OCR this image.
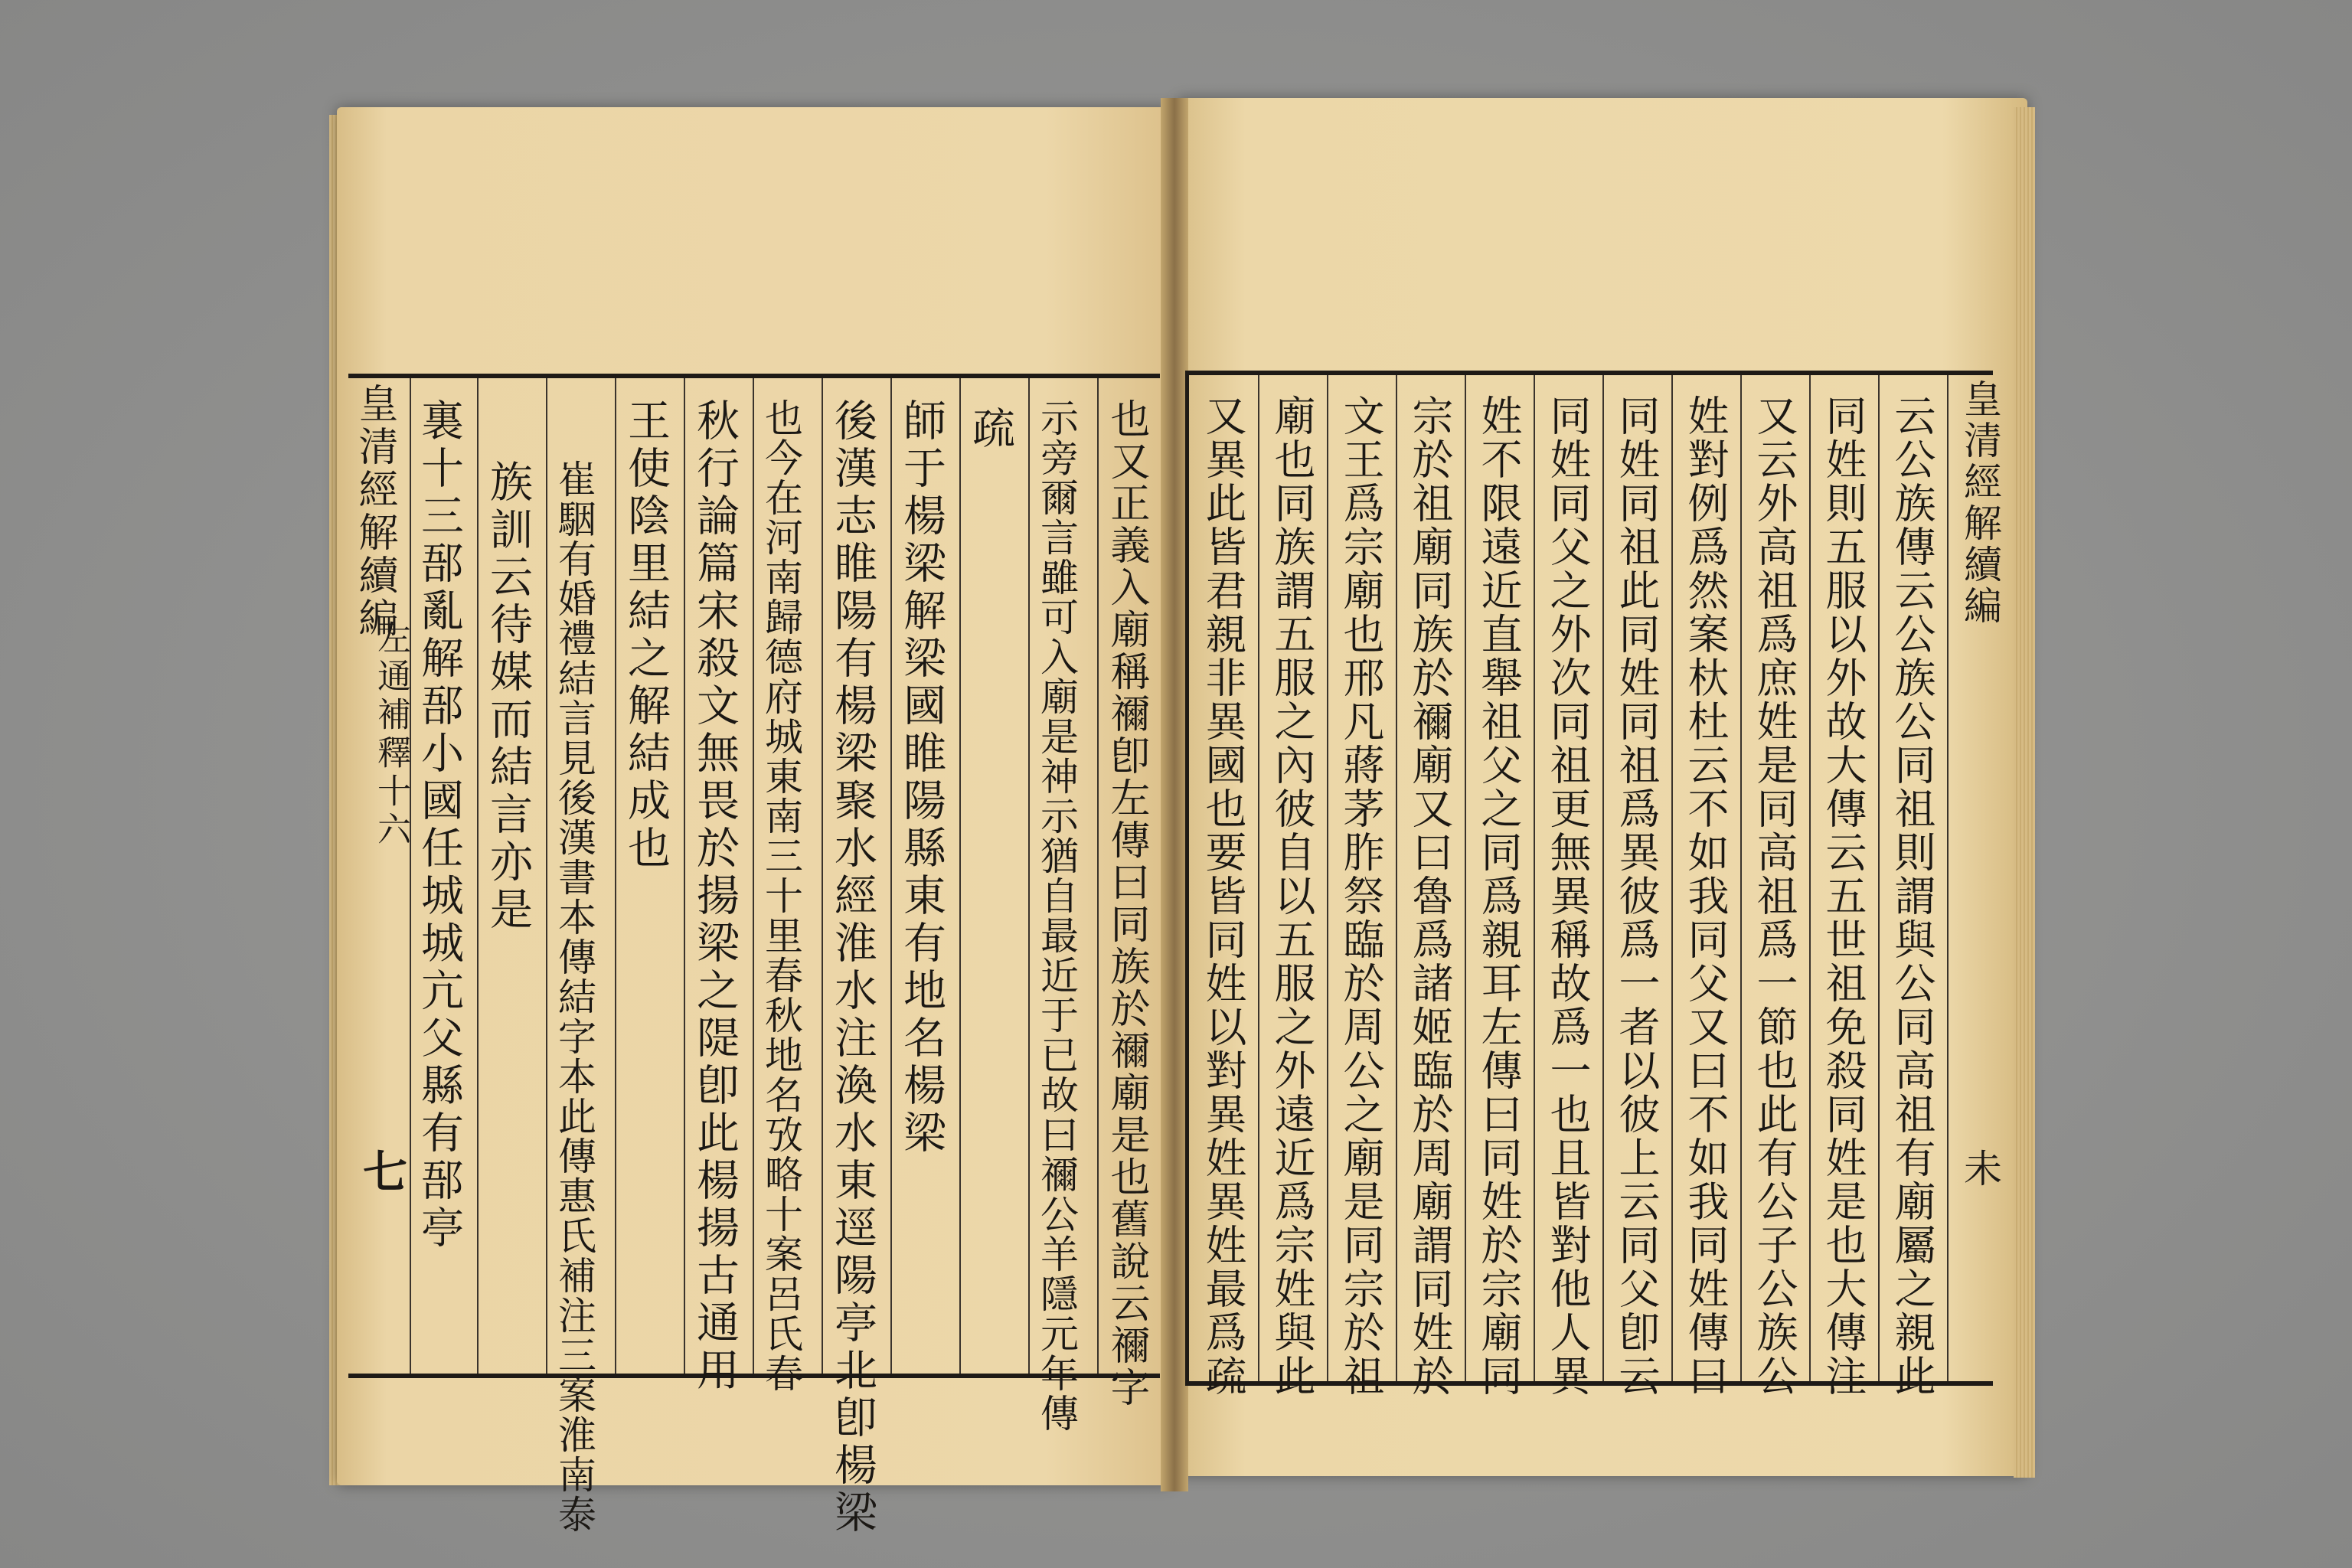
皇清經解續編
左通補釋十六
七 裏十三郚亂解郚小國任城城亢父縣有郚亭 族訓云待媒而結言亦是 崔駰有婚禮結言見後漢書本傳結字本此傳惠氏補注三案淮南泰 王使陰里結之解結成也 秋行論篇宋殺文無畏於揚梁之隄卽此楊揚古通用 也今在河南歸德府城東南三十里春秋地名攷略十案呂氏春 後漢志睢陽有楊梁聚水經淮水注渙水東逕陽亭北卽楊梁 師于楊梁解梁國睢陽縣東有地名楊梁 疏 示旁爾言雖可入廟是神示猶自最近于已故曰禰公羊隱元年傳 也又正義入廟稱禰卽左傳曰同族於禰廟是也舊說云禰字	皇清經解續編
未
云公族傳云公族公同祖則謂與公同高祖有廟屬之親此
同姓則五服以外故大傳云五世祖免殺同姓是也大傳注
又云外高祖爲庶姓是同高祖爲一節也此有公子公族公
姓對例爲然案杕杜云不如我同父又曰不如我同姓傳曰
同姓同祖此同姓同祖爲異彼爲一者以彼上云同父卽云
同姓同父之外次同祖更無異稱故爲一也且皆對他人異
姓不限遠近直舉祖父之同爲親耳左傳曰同姓於宗廟同
宗於祖廟同族於禰廟又曰魯爲諸姬臨於周廟謂同姓於
文王爲宗廟也邢凡蔣茅胙祭臨於周公之廟是同宗於祖
廟也同族謂五服之內彼自以五服之外遠近爲宗姓與此
又異此皆君親非異國也要皆同姓以對異姓異姓最爲疏
